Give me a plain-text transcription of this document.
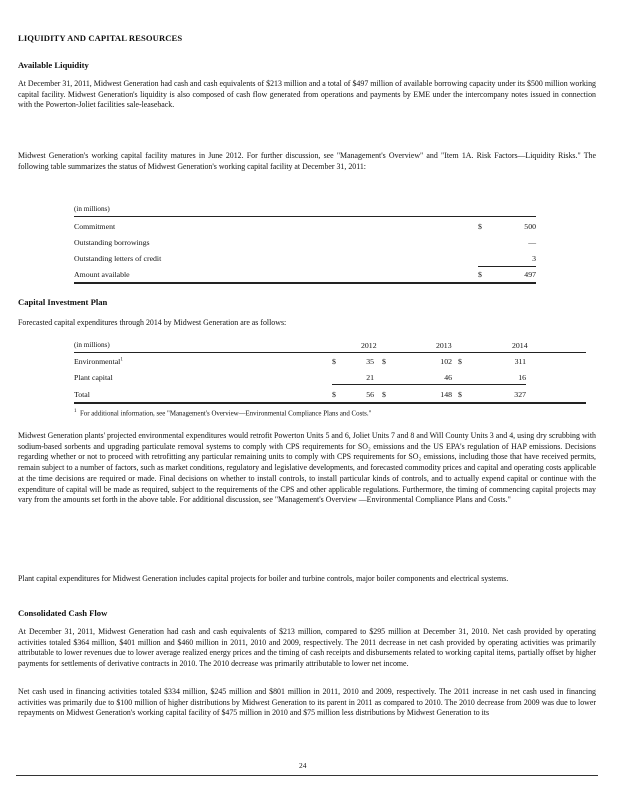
LIQUIDITY AND CAPITAL RESOURCES
Available Liquidity
At December 31, 2011, Midwest Generation had cash and cash equivalents of $213 million and a total of $497 million of available borrowing capacity under its $500 million working capital facility. Midwest Generation's liquidity is also composed of cash flow generated from operations and payments by EME under the intercompany notes issued in connection with the Powerton-Joliet facilities sale-leaseback.
Midwest Generation's working capital facility matures in June 2012. For further discussion, see "Management's Overview" and "Item 1A. Risk Factors—Liquidity Risks." The following table summarizes the status of Midwest Generation's working capital facility at December 31, 2011:
(in millions)
Commitment	$	500
Outstanding borrowings	—
Outstanding letters of credit	3
Amount available	$	497
Capital Investment Plan
Forecasted capital expenditures through 2014 by Midwest Generation are as follows:
(in millions)	2012	2013	2014
Environmental$^1$	$	35 $	102 $	311
Plant capital	21	46	16
Total	$	56 $	148 $	327
$^1$ For additional information, see "Management's Overview—Environmental Compliance Plans and Costs."
Midwest Generation plants' projected environmental expenditures would retrofit Powerton Units 5 and 6, Joliet Units 7 and 8 and Will County Units 3 and 4, using dry scrubbing with sodium-based sorbents and upgrading particulate removal systems to comply with CPS requirements for SO₂ emissions and the US EPA's regulation of HAP emissions. Decisions regarding whether or not to proceed with retrofitting any particular remaining units to comply with CPS requirements for SO₂ emissions, including those that have received permits, remain subject to a number of factors, such as market conditions, regulatory and legislative developments, and forecasted commodity prices and capital and operating costs applicable at the time decisions are required or made. Final decisions on whether to install controls, to install particular kinds of controls, and to actually expend capital or continue with the expenditure of capital will be made as required, subject to the requirements of the CPS and other applicable regulations. Furthermore, the timing of commencing capital projects may vary from the amounts set forth in the above table. For additional discussion, see "Management's Overview —Environmental Compliance Plans and Costs."
Plant capital expenditures for Midwest Generation includes capital projects for boiler and turbine controls, major boiler components and electrical systems.
Consolidated Cash Flow
At December 31, 2011, Midwest Generation had cash and cash equivalents of $213 million, compared to $295 million at December 31, 2010. Net cash provided by operating activities totaled $364 million, $401 million and $460 million in 2011, 2010 and 2009, respectively. The 2011 decrease in net cash provided by operating activities was primarily attributable to lower revenues due to lower average realized energy prices and the timing of cash receipts and disbursements related to working capital items, partially offset by higher payments for settlements of derivative contracts in 2010. The 2010 decrease was primarily attributable to lower net income.
Net cash used in financing activities totaled $334 million, $245 million and $801 million in 2011, 2010 and 2009, respectively. The 2011 increase in net cash used in financing activities was primarily due to $100 million of higher distributions by Midwest Generation to its parent in 2011 as compared to 2010. The 2010 decrease from 2009 was due to lower repayments on Midwest Generation's working capital facility of $475 million in 2010 and $75 million less distributions by Midwest Generation to its
24
